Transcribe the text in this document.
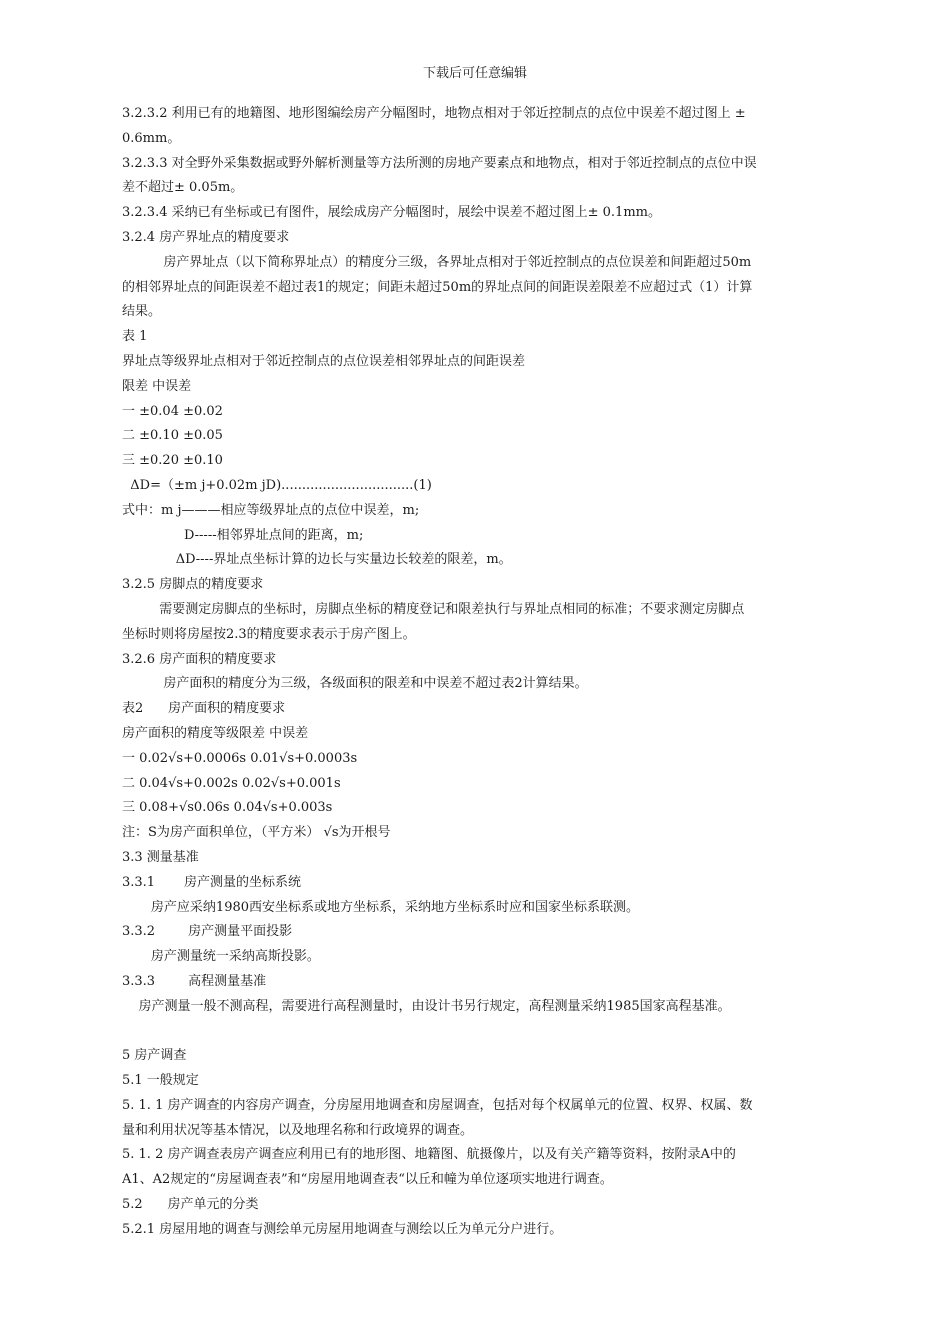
下载后可任意编辑
3.2.3.2 利用已有的地籍图、地形图编绘房产分幅图时，地物点相对于邻近控制点的点位中误差不超过图上 ±
0.6mm。
3.2.3.3 对全野外采集数据或野外解析测量等方法所测的房地产要素点和地物点，相对于邻近控制点的点位中误
差不超过± 0.05m。
3.2.3.4 采纳已有坐标或已有图件，展绘成房产分幅图时，展绘中误差不超过图上± 0.1mm。
3.2.4 房产界址点的精度要求
房产界址点（以下简称界址点）的精度分三级，各界址点相对于邻近控制点的点位误差和间距超过50m
的相邻界址点的间距误差不超过表1的规定；间距未超过50m的界址点间的间距误差限差不应超过式（1）计算
结果。
表 1
界址点等级界址点相对于邻近控制点的点位误差相邻界址点的间距误差
限差 中误差
一 ±0.04 ±0.02
二 ±0.10 ±0.05
三 ±0.20 ±0.10
ΔD=（±m j+0.02m jD)................................(1)
式中：m j———相应等级界址点的点位中误差，m;
D-----相邻界址点间的距离，m;
ΔD----界址点坐标计算的边长与实量边长较差的限差，m。
3.2.5 房脚点的精度要求
需要测定房脚点的坐标时，房脚点坐标的精度登记和限差执行与界址点相同的标准；不要求测定房脚点
坐标时则将房屋按2.3的精度要求表示于房产图上。
3.2.6 房产面积的精度要求
房产面积的精度分为三级，各级面积的限差和中误差不超过表2计算结果。
表2      房产面积的精度要求
房产面积的精度等级限差 中误差
一 0.02√s+0.0006s 0.01√s+0.0003s
二 0.04√s+0.002s 0.02√s+0.001s
三 0.08+√s0.06s 0.04√s+0.003s
注：S为房产面积单位，（平方米） √s为开根号
3.3 测量基准
3.3.1       房产测量的坐标系统
房产应采纳1980西安坐标系或地方坐标系，采纳地方坐标系时应和国家坐标系联测。
3.3.2        房产测量平面投影
房产测量统一采纳高斯投影。
3.3.3        高程测量基准
房产测量一般不测高程，需要进行高程测量时，由设计书另行规定，高程测量采纳1985国家高程基准。
5 房产调查
5.1 一般规定
5. 1. 1 房产调查的内容房产调查，分房屋用地调查和房屋调查，包括对每个权属单元的位置、权界、权属、数
量和利用状况等基本情况，以及地理名称和行政境界的调查。
5. 1. 2 房产调查表房产调查应利用已有的地形图、地籍图、航摄像片，以及有关产籍等资料，按附录A中的
A1、A2规定的“房屋调查表”和“房屋用地调查表“以丘和幢为单位逐项实地进行调查。
5.2      房产单元的分类
5.2.1 房屋用地的调查与测绘单元房屋用地调查与测绘以丘为单元分户进行。
